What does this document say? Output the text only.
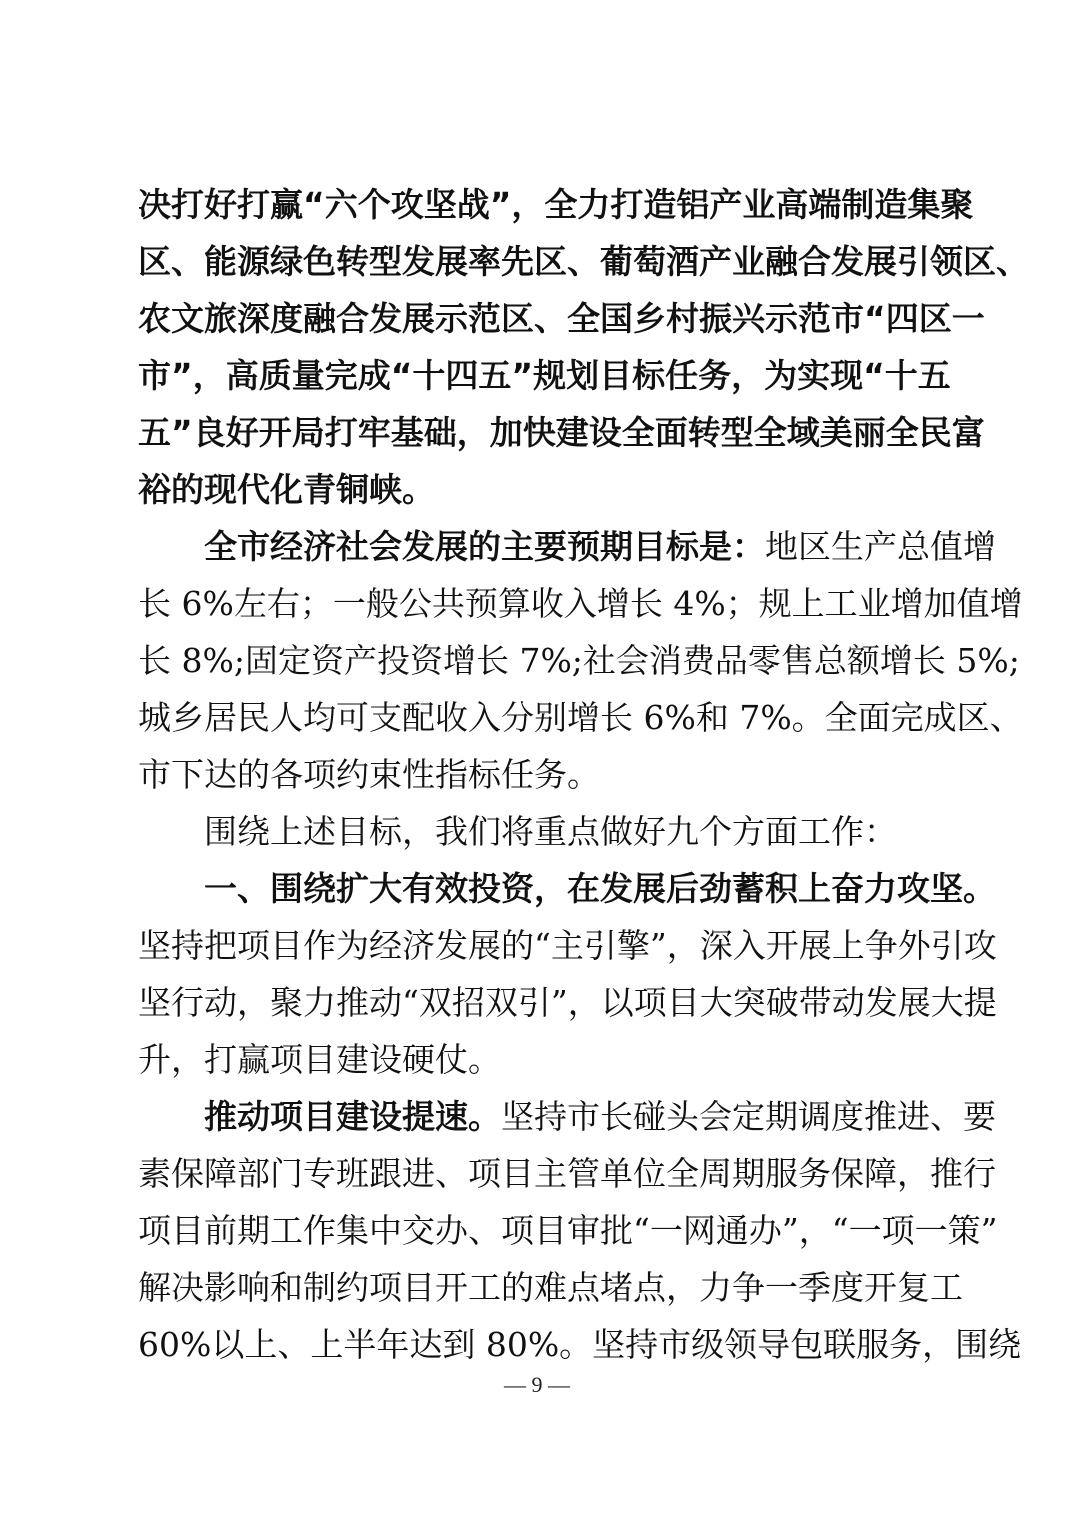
决打好打赢“六个攻坚战”，全力打造铝产业高端制造集聚
区、能源绿色转型发展率先区、葡萄酒产业融合发展引领区、
农文旅深度融合发展示范区、全国乡村振兴示范市“四区一
市”，高质量完成“十四五”规划目标任务，为实现“十五
五”良好开局打牢基础，加快建设全面转型全域美丽全民富
裕的现代化青铜峡。
全市经济社会发展的主要预期目标是：地区生产总值增
长 6%左右；一般公共预算收入增长 4%；规上工业增加值增
长 8%;固定资产投资增长 7%;社会消费品零售总额增长 5%;
城乡居民人均可支配收入分别增长 6%和 7%。全面完成区、
市下达的各项约束性指标任务。
围绕上述目标，我们将重点做好九个方面工作：
一、围绕扩大有效投资，在发展后劲蓄积上奋力攻坚。
坚持把项目作为经济发展的“主引擎”，深入开展上争外引攻
坚行动，聚力推动“双招双引”，以项目大突破带动发展大提
升，打赢项目建设硬仗。
推动项目建设提速。坚持市长碰头会定期调度推进、要
素保障部门专班跟进、项目主管单位全周期服务保障，推行
项目前期工作集中交办、项目审批“一网通办”，“一项一策”
解决影响和制约项目开工的难点堵点，力争一季度开复工
60%以上、上半年达到 80%。坚持市级领导包联服务，围绕
— 9 —
